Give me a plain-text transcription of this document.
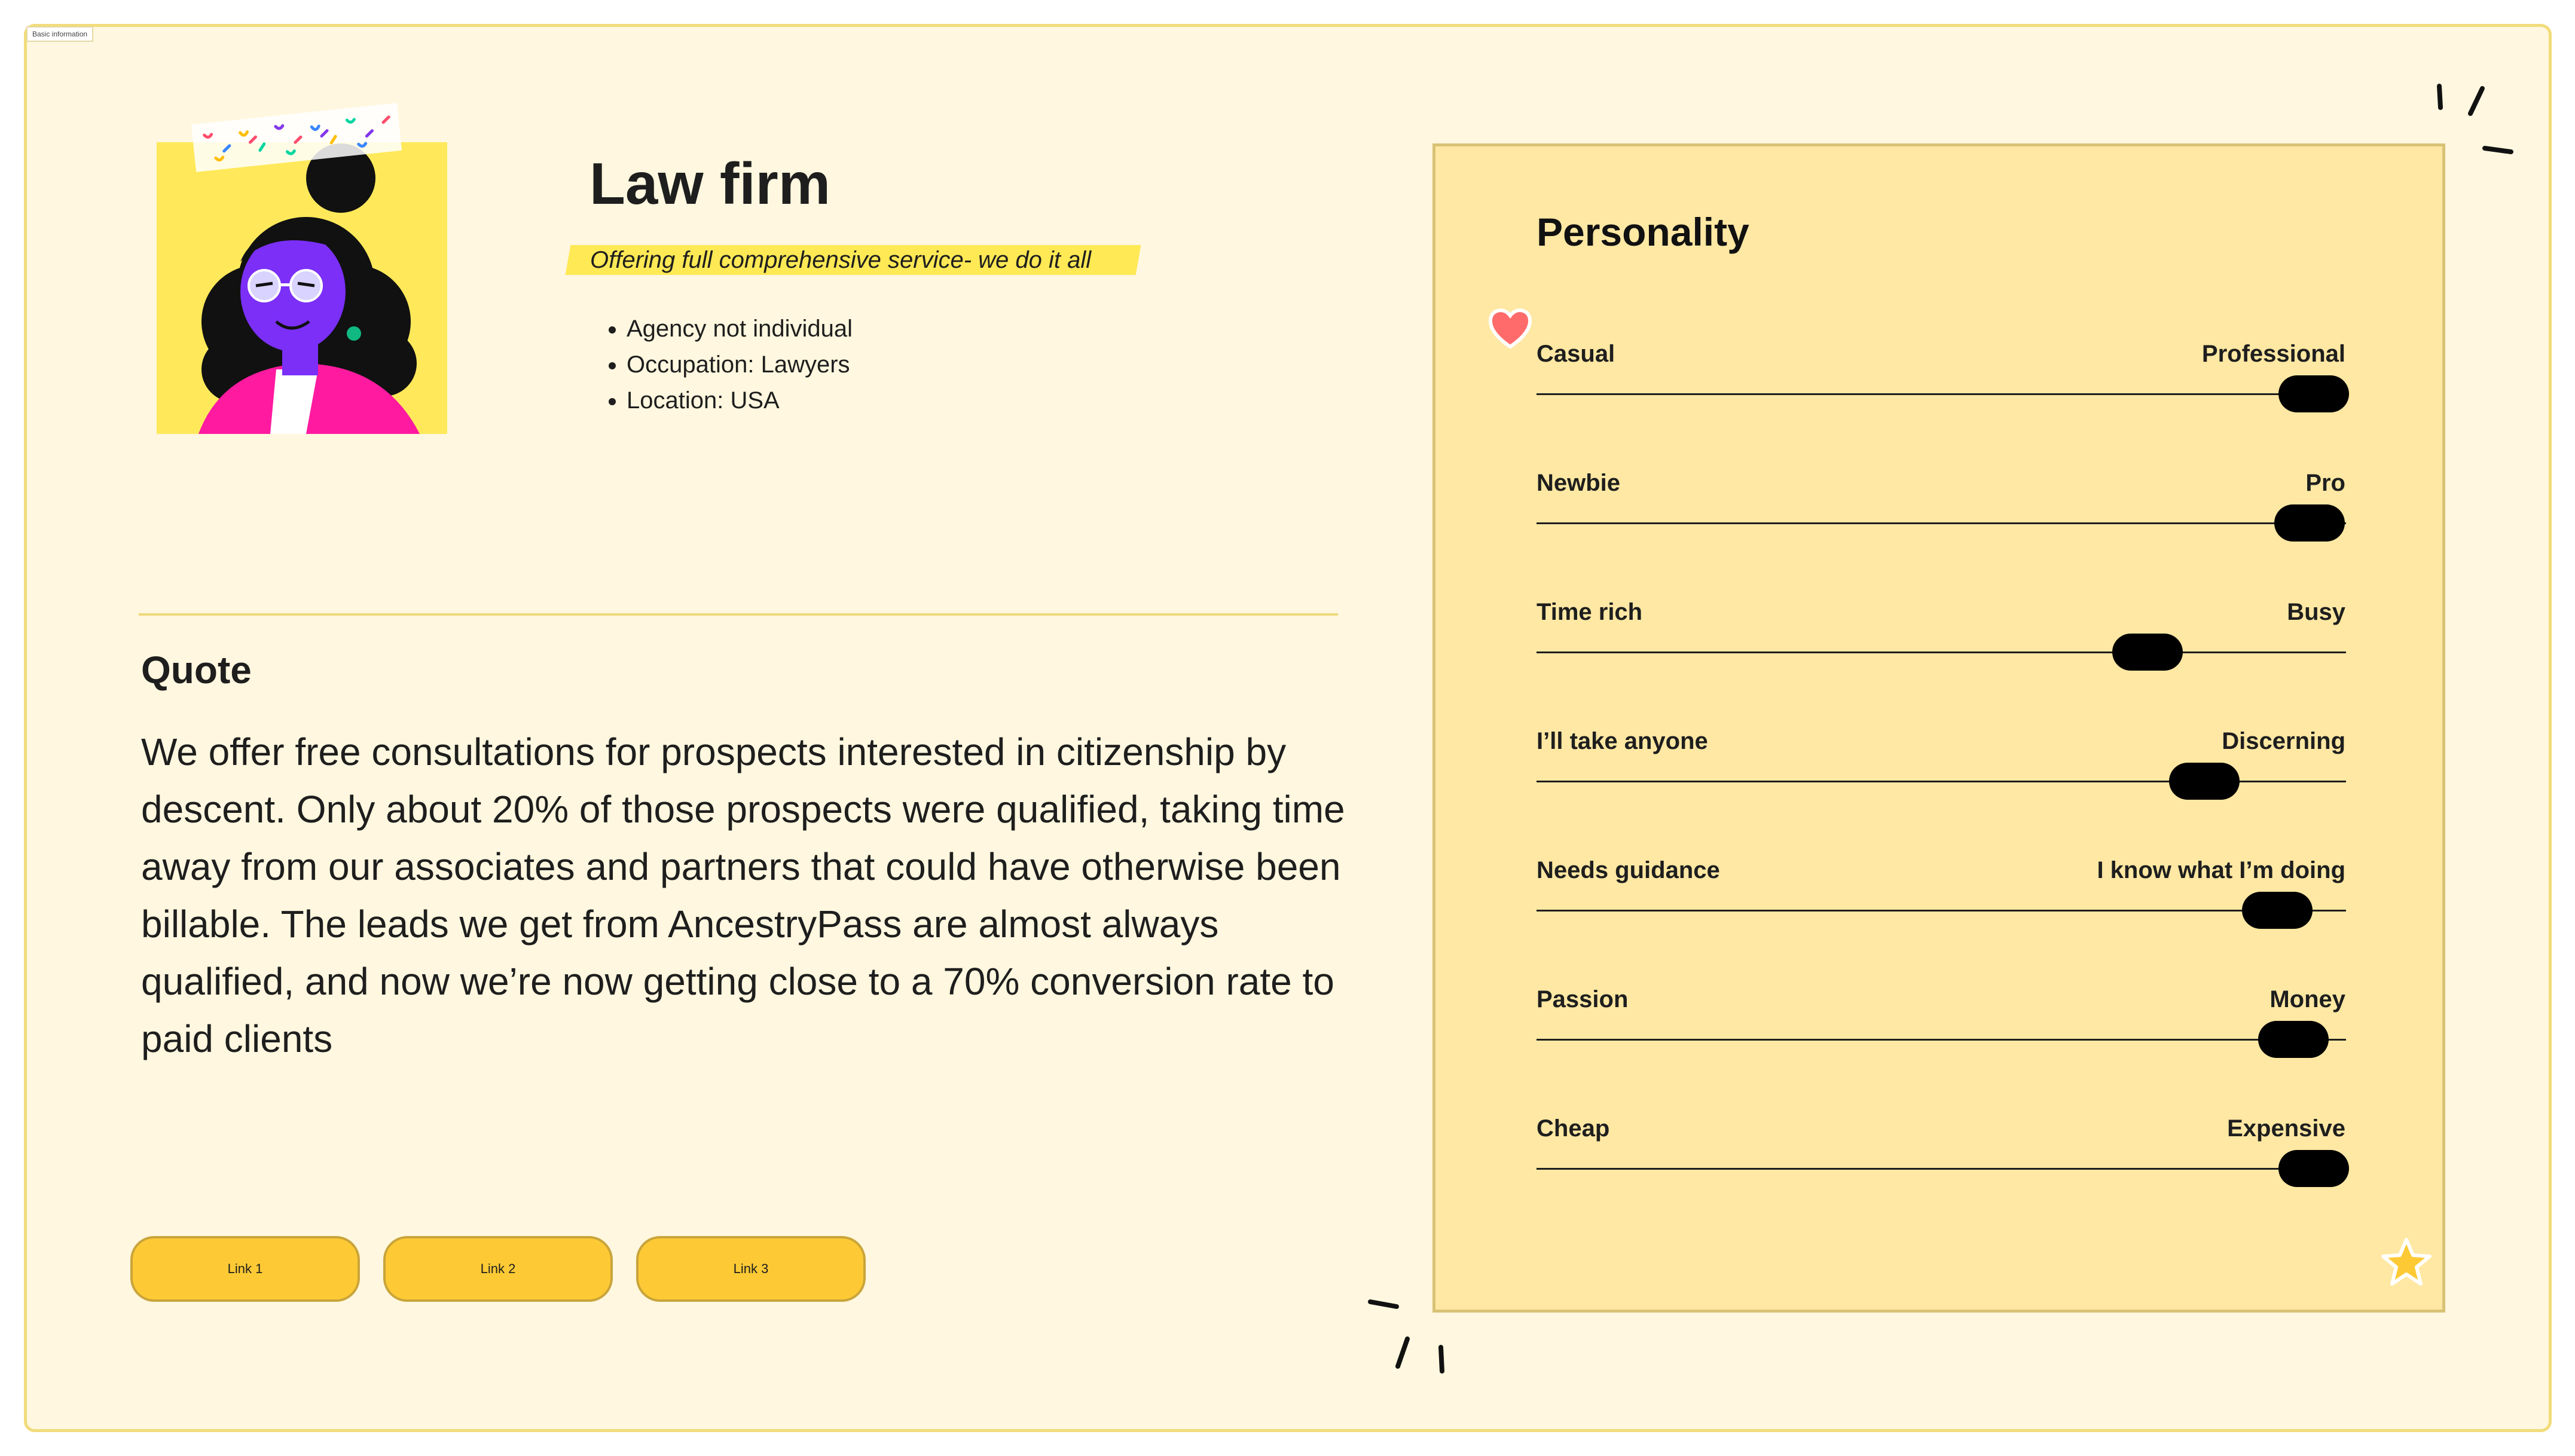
Basic information
Law firm
Offering full comprehensive service- we do it all
• Agency not individual
• Occupation: Lawyers
• Location: USA
Quote

We offer free consultations for prospects interested in citizenship by descent. Only about 20% of those prospects were qualified, taking time away from our associates and partners that could have otherwise been billable. The leads we get from AncestryPass are almost always qualified, and now we’re now getting close to a 70% conversion rate to paid clients

Link 1	Link 2	Link 3
Personality
Casual	Professional
Newbie	Pro
Time rich	Busy
I’ll take anyone	Discerning
Needs guidance	I know what I’m doing
Passion	Money
Cheap	Expensive
